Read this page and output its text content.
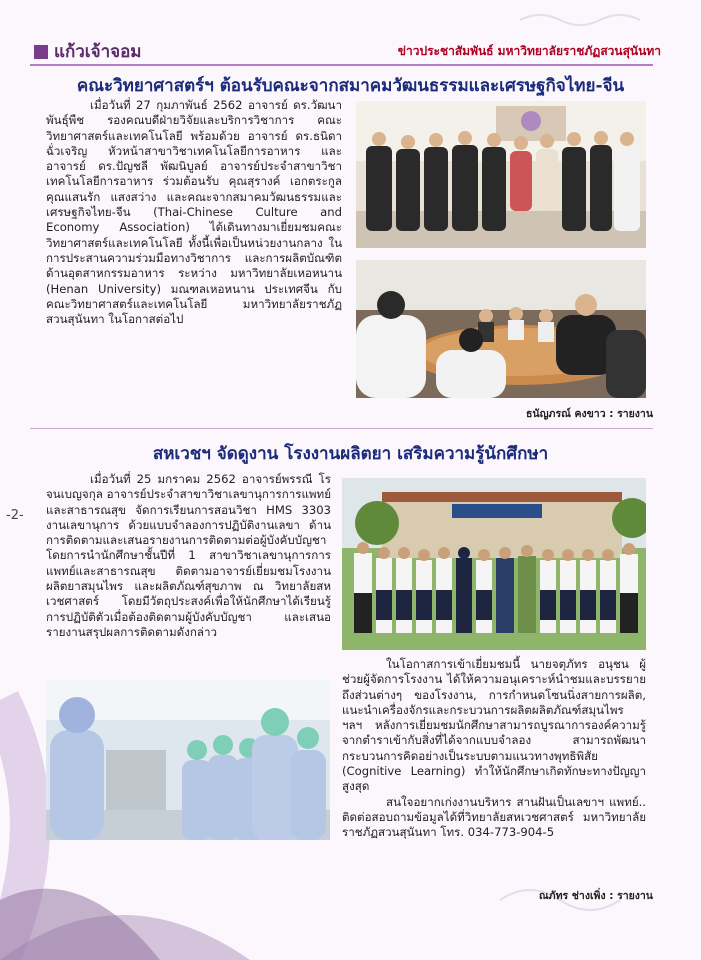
แก้วเจ้าจอม	ข่าวประชาสัมพันธ์ มหาวิทยาลัยราชภัฏสวนสุนันทา
คณะวิทยาศาสตร์ฯ ต้อนรับคณะจากสมาคมวัฒนธรรมและเศรษฐกิจไทย-จีน
เมื่อวันที่ 27 กุมภาพันธ์ 2562 อาจารย์ ดร.วัฒนา พันธุ์พืช รองคณบดีฝ่ายวิจัยและบริการวิชาการ คณะวิทยาศาสตร์และเทคโนโลยี พร้อมด้วย อาจารย์ ดร.ธนิดา ฉั่วเจริญ หัวหน้าสาขาวิชาเทคโนโลยีการอาหาร และอาจารย์ ดร.ปัญชลี พัฒนิบูลย์ อาจารย์ประจำสาขาวิชาเทคโนโลยีการอาหาร ร่วมต้อนรับ คุณสุรางค์ เอกตระกูล คุณแสนรัก แสงสว่าง และคณะจากสมาคมวัฒนธรรมและเศรษฐกิจไทย-จีน (Thai-Chinese Culture and Economy Association) ได้เดินทางมาเยี่ยมชมคณะวิทยาศาสตร์และเทคโนโลยี ทั้งนี้เพื่อเป็นหน่วยงานกลาง ในการประสานความร่วมมือทางวิชาการ และการผลิตบัณฑิตด้านอุตสาหกรรมอาหาร ระหว่าง มหาวิทยาลัยเหอหนาน (Henan University) มณฑลเหอหนาน ประเทศจีน กับ คณะวิทยาศาสตร์และเทคโนโลยี มหาวิทยาลัยราชภัฏสวนสุนันทา ในโอกาสต่อไป
ธนัญภรณ์ คงขาว : รายงาน
สหเวชฯ จัดดูงาน โรงงานผลิตยา เสริมความรู้นักศึกษา
-2-
เมื่อวันที่ 25 มกราคม 2562 อาจารย์พรรณี โรจนเบญจกุล อาจารย์ประจำสาขาวิชาเลขานุการการแพทย์และสาธารณสุข จัดการเรียนการสอนวิชา HMS 3303 งานเลขานุการ ด้วยแบบจำลองการปฏิบัติงานเลขา ด้านการติดตามและเสนอรายงานการติดตามต่อผู้บังคับบัญชา โดยการนำนักศึกษาชั้นปีที่ 1 สาขาวิชาเลขานุการการแพทย์และสาธารณสุข ติดตามอาจารย์เยี่ยมชมโรงงานผลิตยาสมุนไพร และผลิตภัณฑ์สุขภาพ ณ วิทยาลัยสหเวชศาสตร์ โดยมีวัตถุประสงค์เพื่อให้นักศึกษาได้เรียนรู้การปฏิบัติตัวเมื่อต้องติดตามผู้บังคับบัญชา และเสนอรายงานสรุปผลการติดตามดังกล่าว

ในโอกาสการเข้าเยี่ยมชมนี้ นายจตุภัทร อนุชน ผู้ช่วยผู้จัดการโรงงาน ได้ให้ความอนุเคราะห์นำชมและบรรยายถึงส่วนต่างๆ ของโรงงาน, การกำหนดโซนนิ่งสายการผลิต, แนะนำเครื่องจักรและกระบวนการผลิตผลิตภัณฑ์สมุนไพร ฯลฯ หลังการเยี่ยมชมนักศึกษาสามารถบูรณาการองค์ความรู้จากตำราเข้ากับสิ่งที่ได้จากแบบจำลอง สามารถพัฒนากระบวนการคิดอย่างเป็นระบบตามแนวทางพุทธิพิสัย (Cognitive Learning) ทำให้นักศึกษาเกิดทักษะทางปัญญาสูงสุด

สนใจอยากเก่งงานบริหาร สานฝันเป็นเลขาฯ แพทย์.. ติดต่อสอบถามข้อมูลได้ที่วิทยาลัยสหเวชศาสตร์ มหาวิทยาลัยราชภัฏสวนสุนันทา โทร. 034-773-904-5

ณภัทร ช่างเพิ่ง : รายงาน
